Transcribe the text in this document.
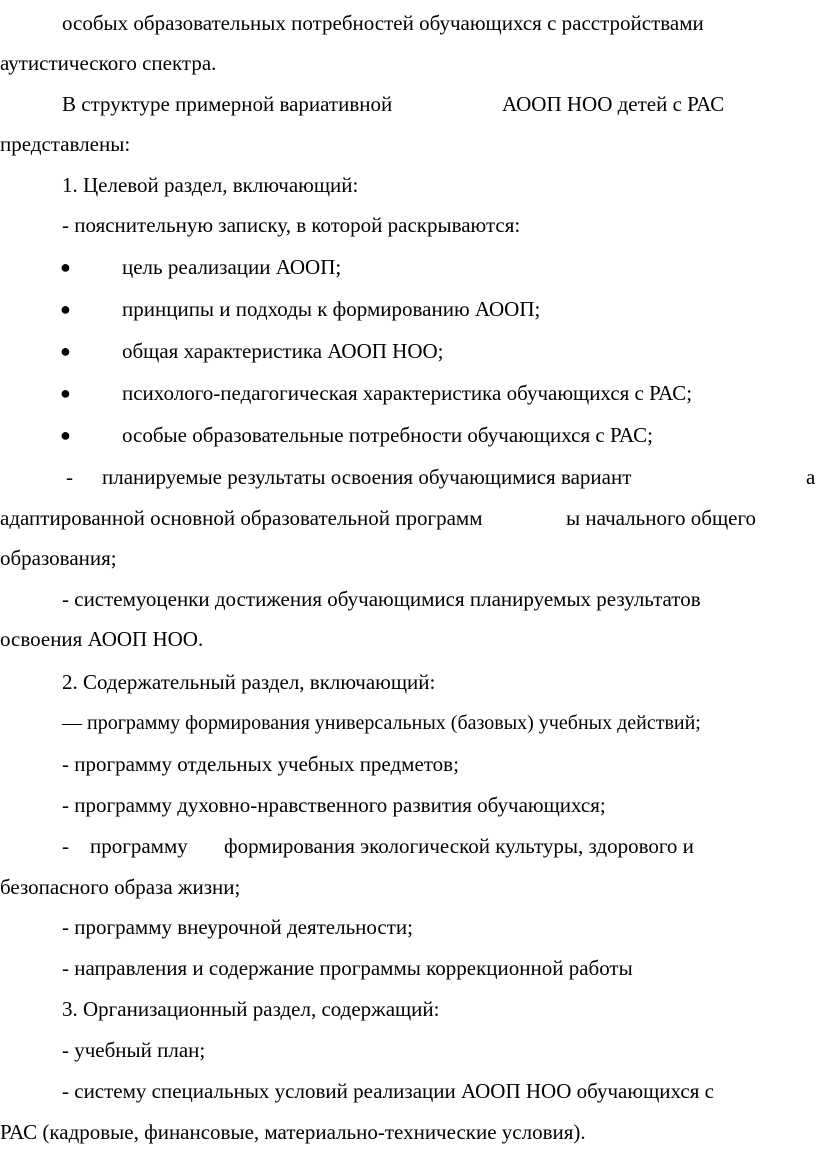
особых образовательных потребностей обучающихся с расстройствами
аутистического спектра.
В структуре примерной вариативной	АООП НОО детей с РАС
представлены:
1. Целевой раздел, включающий:
- пояснительную записку, в которой раскрываются:
● цель реализации АООП;
● принципы и подходы к формированию АООП;
● общая характеристика АООП НОО;
● психолого-педагогическая характеристика обучающихся с РАС;
● особые образовательные потребности обучающихся с РАС;
- планируемые результаты освоения обучающимися вариант	а
адаптированной основной образовательной программ	ы начального общего
образования;
- системуоценки достижения обучающимися планируемых результатов
освоения АООП НОО.
2. Содержательный раздел, включающий:
— программу формирования универсальных (базовых) учебных действий;
- программу отдельных учебных предметов;
- программу духовно-нравственного развития обучающихся;
- программу формирования экологической культуры, здорового и
безопасного образа жизни;
- программу внеурочной деятельности;
- направления и содержание программы коррекционной работы
3. Организационный раздел, содержащий:
- учебный план;
- систему специальных условий реализации АООП НОО обучающихся с
РАС (кадровые, финансовые, материально-технические условия).
